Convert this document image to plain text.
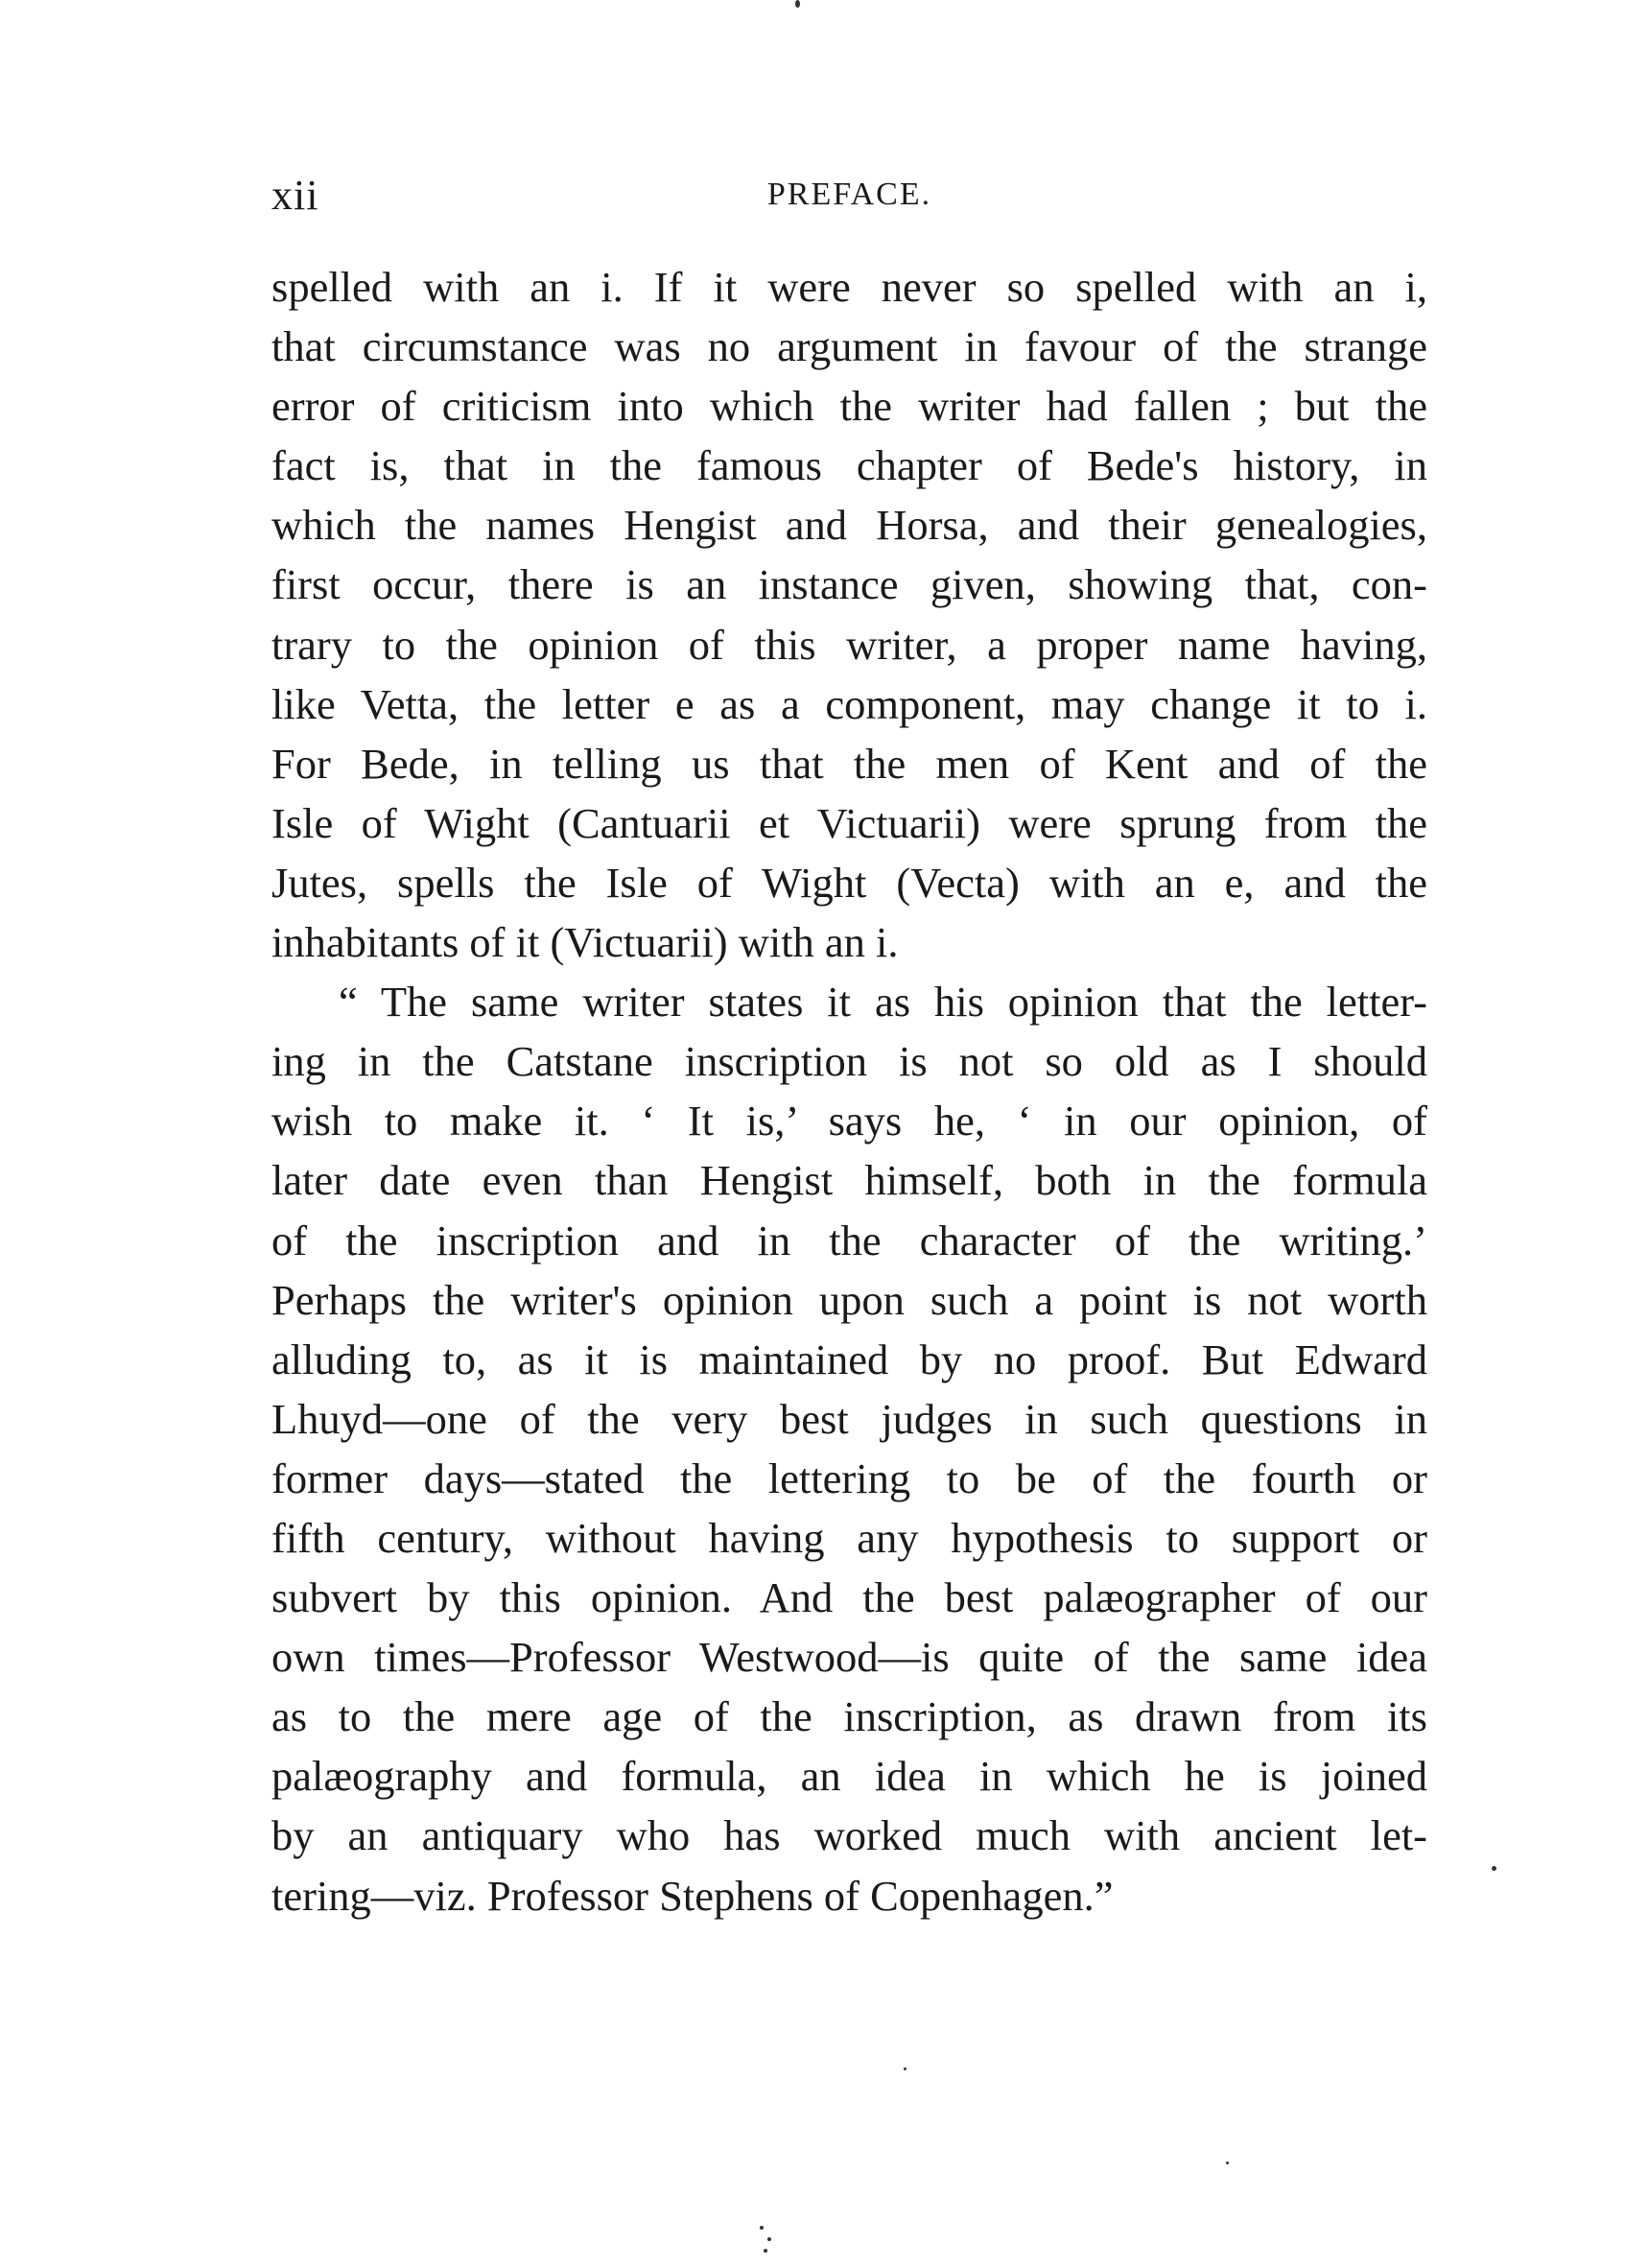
xii	PREFACE.

spelled with an i. If it were never so spelled with an i,
that circumstance was no argument in favour of the strange
error of criticism into which the writer had fallen ; but the
fact is, that in the famous chapter of Bede's history, in
which the names Hengist and Horsa, and their genealogies,
first occur, there is an instance given, showing that, con-
trary to the opinion of this writer, a proper name having,
like Vetta, the letter e as a component, may change it to i.
For Bede, in telling us that the men of Kent and of the
Isle of Wight (Cantuarii et Victuarii) were sprung from the
Jutes, spells the Isle of Wight (Vecta) with an e, and the
inhabitants of it (Victuarii) with an i.

“ The same writer states it as his opinion that the letter-
ing in the Catstane inscription is not so old as I should
wish to make it. ‘ It is,’ says he, ‘ in our opinion, of
later date even than Hengist himself, both in the formula
of the inscription and in the character of the writing.’
Perhaps the writer's opinion upon such a point is not worth
alluding to, as it is maintained by no proof. But Edward
Lhuyd—one of the very best judges in such questions in
former days—stated the lettering to be of the fourth or
fifth century, without having any hypothesis to support or
subvert by this opinion. And the best palæographer of our
own times—Professor Westwood—is quite of the same idea
as to the mere age of the inscription, as drawn from its
palæography and formula, an idea in which he is joined
by an antiquary who has worked much with ancient let-
tering—viz. Professor Stephens of Copenhagen.”
